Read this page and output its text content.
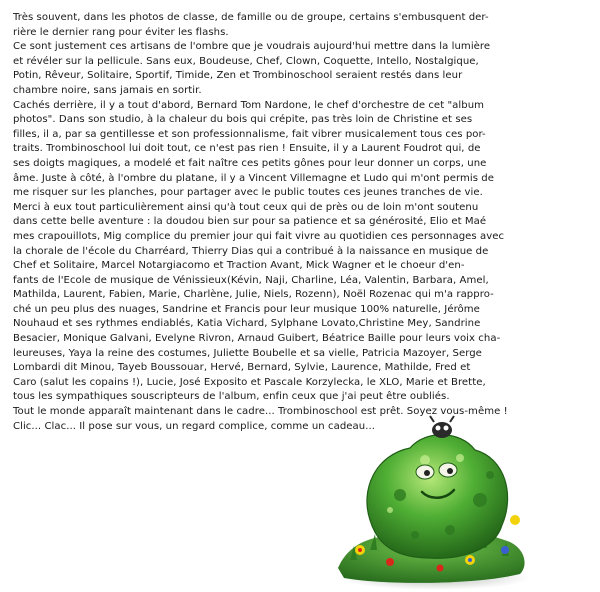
Très souvent, dans les photos de classe, de famille ou de groupe, certains s'embusquent der-
rière le dernier rang pour éviter les flashs.
Ce sont justement ces artisans de l'ombre que je voudrais aujourd'hui mettre dans la lumière
et révéler sur la pellicule. Sans eux, Boudeuse, Chef, Clown, Coquette, Intello, Nostalgique,
Potin, Rêveur, Solitaire, Sportif, Timide, Zen et Trombinoschool seraient restés dans leur
chambre noire, sans jamais en sortir.
Cachés derrière, il y a tout d'abord, Bernard Tom Nardone, le chef d'orchestre de cet "album
photos". Dans son studio, à la chaleur du bois qui crépite, pas très loin de Christine et ses
filles, il a, par sa gentillesse et son professionnalisme, fait vibrer musicalement tous ces por-
traits. Trombinoschool lui doit tout, ce n'est pas rien ! Ensuite, il y a Laurent Foudrot qui, de
ses doigts magiques, a modelé et fait naître ces petits gônes pour leur donner un corps, une
âme. Juste à côté, à l'ombre du platane, il y a Vincent Villemagne et Ludo qui m'ont permis de
me risquer sur les planches, pour partager avec le public toutes ces jeunes tranches de vie.
Merci à eux tout particulièrement ainsi qu'à tout ceux qui de près ou de loin m'ont soutenu
dans cette belle aventure : la doudou bien sur pour sa patience et sa générosité, Elio et Maé
mes crapouillots, Mig complice du premier jour qui fait vivre au quotidien ces personnages avec
la chorale de l'école du Charréard, Thierry Dias qui a contribué à la naissance en musique de
Chef et Solitaire, Marcel Notargiacomo et Traction Avant, Mick Wagner et le choeur d'en-
fants de l'Ecole de musique de Vénissieux(Kévin, Naji, Charline, Léa, Valentin, Barbara, Amel,
Mathilda, Laurent, Fabien, Marie, Charlène, Julie, Niels, Rozenn), Noël Rozenac qui m'a rappro-
ché un peu plus des nuages, Sandrine et Francis pour leur musique 100% naturelle, Jérôme
Nouhaud et ses rythmes endiablés, Katia Vichard, Sylphane Lovato,Christine Mey, Sandrine
Besacier, Monique Galvani, Evelyne Rivron, Arnaud Guibert, Béatrice Baille pour leurs voix cha-
leureuses, Yaya la reine des costumes, Juliette Boubelle et sa vielle, Patricia Mazoyer, Serge
Lombardi dit Minou, Tayeb Boussouar, Hervé, Bernard, Sylvie, Laurence, Mathilde, Fred et
Caro (salut les copains !), Lucie, José Exposito et Pascale Korzylecka, le XLO, Marie et Brette,
tous les sympathiques souscripteurs de l'album, enfin ceux que j'ai peut être oubliés.
Tout le monde apparaît maintenant dans le cadre... Trombinoschool est prêt. Soyez vous-même !
Clic... Clac... Il pose sur vous, un regard complice, comme un cadeau...
